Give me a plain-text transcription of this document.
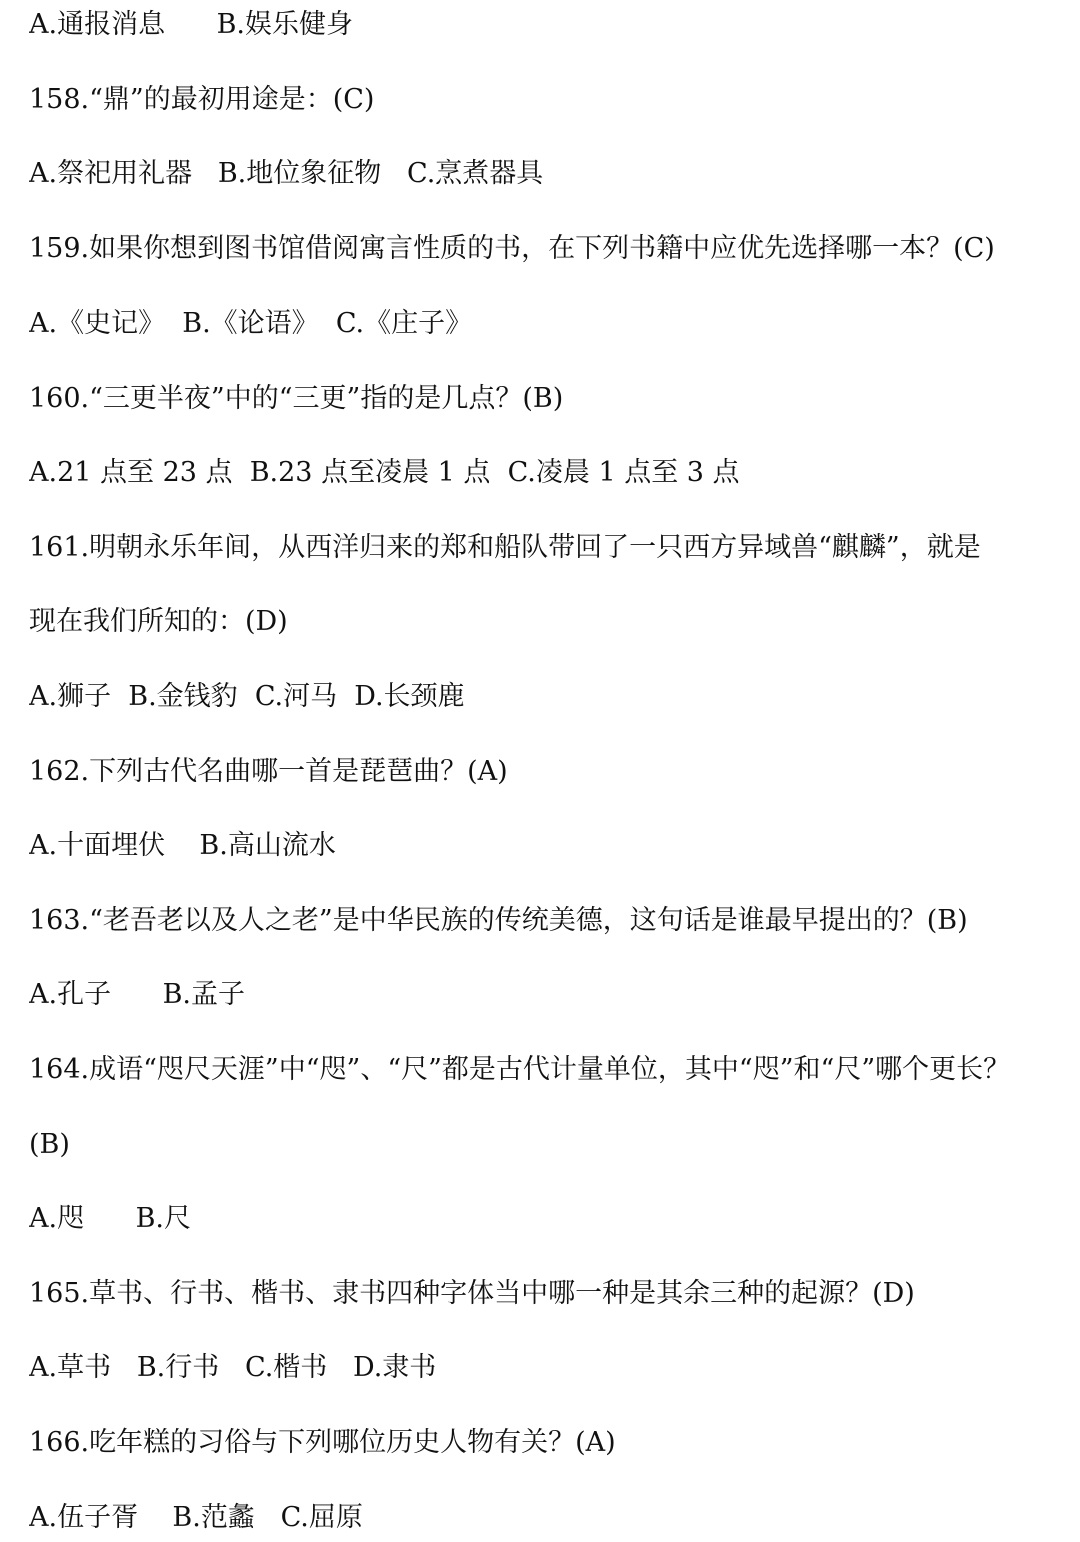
A.通报消息      B.娱乐健身
158.“鼎”的最初用途是：(C)
A.祭祀用礼器   B.地位象征物   C.烹煮器具
159.如果你想到图书馆借阅寓言性质的书，在下列书籍中应优先选择哪一本？(C)
A.《史记》  B.《论语》  C.《庄子》
160.“三更半夜”中的“三更”指的是几点？(B)
A.21 点至 23 点  B.23 点至凌晨 1 点  C.凌晨 1 点至 3 点
161.明朝永乐年间，从西洋归来的郑和船队带回了一只西方异域兽“麒麟”，就是
现在我们所知的：(D)
A.狮子  B.金钱豹  C.河马  D.长颈鹿
162.下列古代名曲哪一首是琵琶曲？(A)
A.十面埋伏    B.高山流水
163.“老吾老以及人之老”是中华民族的传统美德，这句话是谁最早提出的？(B)
A.孔子      B.孟子
164.成语“咫尺天涯”中“咫”、“尺”都是古代计量单位，其中“咫”和“尺”哪个更长？
(B)
A.咫      B.尺
165.草书、行书、楷书、隶书四种字体当中哪一种是其余三种的起源？(D)
A.草书   B.行书   C.楷书   D.隶书
166.吃年糕的习俗与下列哪位历史人物有关？(A)
A.伍子胥    B.范蠡   C.屈原
